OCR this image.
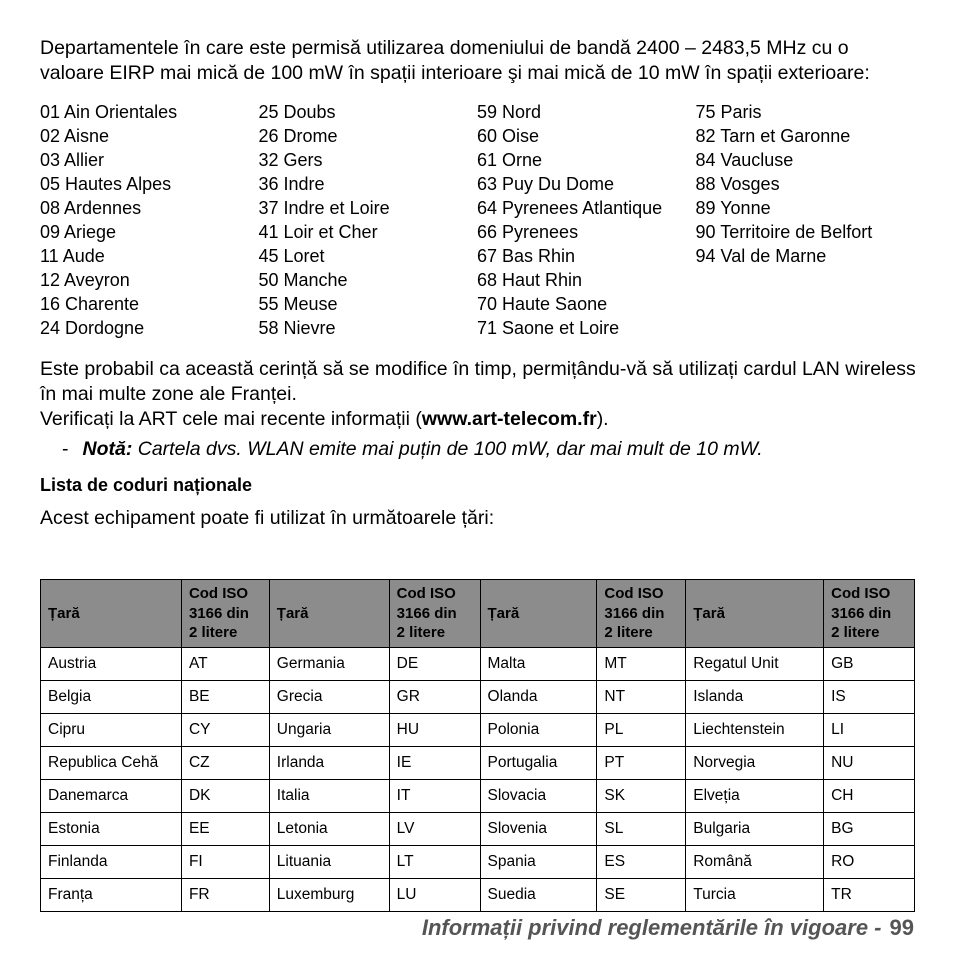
Departamentele în care este permisă utilizarea domeniului de bandă 2400 – 2483,5 MHz cu o valoare EIRP mai mică de 100 mW în spații interioare şi mai mică de 10 mW în spații exterioare:

01 Ain Orientales
02 Aisne
03 Allier
05 Hautes Alpes
08 Ardennes
09 Ariege
11 Aude
12 Aveyron
16 Charente
24 Dordogne
25 Doubs
26 Drome
32 Gers
36 Indre
37 Indre et Loire
41 Loir et Cher
45 Loret
50 Manche
55 Meuse
58 Nievre
59 Nord
60 Oise
61 Orne
63 Puy Du Dome
64 Pyrenees Atlantique
66 Pyrenees
67 Bas Rhin
68 Haut Rhin
70 Haute Saone
71 Saone et Loire
75 Paris
82 Tarn et Garonne
84 Vaucluse
88 Vosges
89 Yonne
90 Territoire de Belfort
94 Val de Marne

Este probabil ca această cerință să se modifice în timp, permițându-vă să utilizați cardul LAN wireless în mai multe zone ale Franței.

Verificați la ART cele mai recente informații (www.art-telecom.fr).

- Notă: Cartela dvs. WLAN emite mai puțin de 100 mW, dar mai mult de 10 mW.
Lista de coduri naționale

Acest echipament poate fi utilizat în următoarele țări:

Țară	Cod ISO
3166 din
2 litere	Țară	Cod ISO
3166 din
2 litere	Țară	Cod ISO
3166 din
2 litere	Țară	Cod ISO
3166 din
2 litere
Austria	AT	Germania	DE	Malta	MT	Regatul Unit	GB
Belgia	BE	Grecia	GR	Olanda	NT	Islanda	IS
Cipru	CY	Ungaria	HU	Polonia	PL	Liechtenstein	LI
Republica Cehă	CZ	Irlanda	IE	Portugalia	PT	Norvegia	NU
Danemarca	DK	Italia	IT	Slovacia	SK	Elveția	CH
Estonia	EE	Letonia	LV	Slovenia	SL	Bulgaria	BG
Finlanda	FI	Lituania	LT	Spania	ES	Română	RO
Franța	FR	Luxemburg	LU	Suedia	SE	Turcia	TR
Informații privind reglementările în vigoare - 99
